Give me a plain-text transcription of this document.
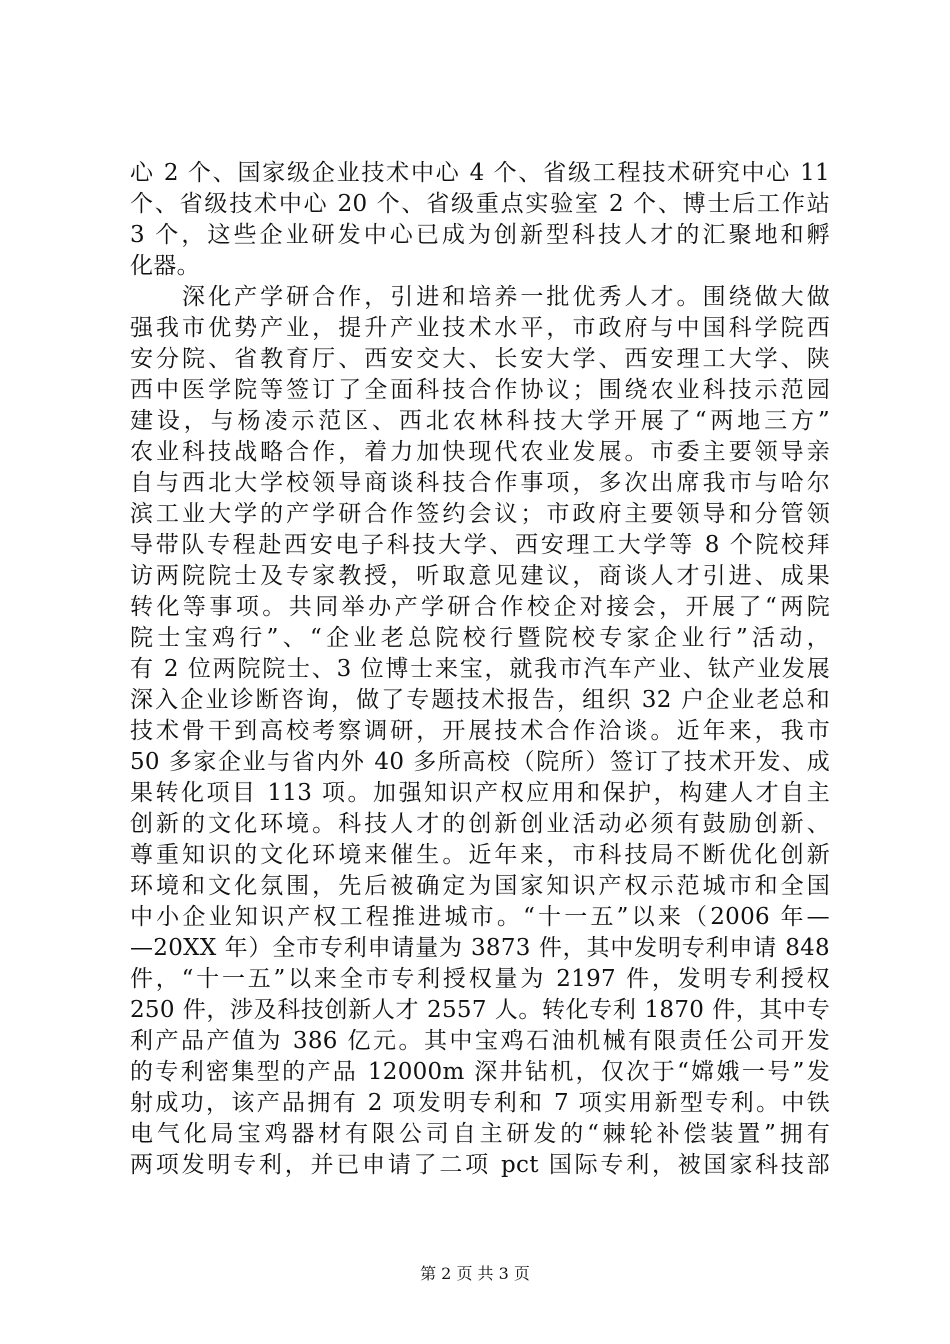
心 2 个、国家级企业技术中心 4 个、省级工程技术研究中心 11
个、省级技术中心 20 个、省级重点实验室 2 个、博士后工作站
3 个，这些企业研发中心已成为创新型科技人才的汇聚地和孵
化器。
　　深化产学研合作，引进和培养一批优秀人才。围绕做大做
强我市优势产业，提升产业技术水平，市政府与中国科学院西
安分院、省教育厅、西安交大、长安大学、西安理工大学、陕
西中医学院等签订了全面科技合作协议；围绕农业科技示范园
建设，与杨凌示范区、西北农林科技大学开展了“两地三方”
农业科技战略合作，着力加快现代农业发展。市委主要领导亲
自与西北大学校领导商谈科技合作事项，多次出席我市与哈尔
滨工业大学的产学研合作签约会议；市政府主要领导和分管领
导带队专程赴西安电子科技大学、西安理工大学等 8 个院校拜
访两院院士及专家教授，听取意见建议，商谈人才引进、成果
转化等事项。共同举办产学研合作校企对接会，开展了“两院
院士宝鸡行”、“企业老总院校行暨院校专家企业行”活动，
有 2 位两院院士、3 位博士来宝，就我市汽车产业、钛产业发展
深入企业诊断咨询，做了专题技术报告，组织 32 户企业老总和
技术骨干到高校考察调研，开展技术合作洽谈。近年来，我市
50 多家企业与省内外 40 多所高校（院所）签订了技术开发、成
果转化项目 113 项。加强知识产权应用和保护，构建人才自主
创新的文化环境。科技人才的创新创业活动必须有鼓励创新、
尊重知识的文化环境来催生。近年来，市科技局不断优化创新
环境和文化氛围，先后被确定为国家知识产权示范城市和全国
中小企业知识产权工程推进城市。“十一五”以来（2006 年—
—20XX 年）全市专利申请量为 3873 件，其中发明专利申请 848
件，“十一五”以来全市专利授权量为 2197 件，发明专利授权
250 件，涉及科技创新人才 2557 人。转化专利 1870 件，其中专
利产品产值为 386 亿元。其中宝鸡石油机械有限责任公司开发
的专利密集型的产品 12000m 深井钻机，仅次于“嫦娥一号”发
射成功，该产品拥有 2 项发明专利和 7 项实用新型专利。中铁
电气化局宝鸡器材有限公司自主研发的“棘轮补偿装置”拥有
两项发明专利，并已申请了二项 pct 国际专利，被国家科技部
第 2 页 共 3 页
